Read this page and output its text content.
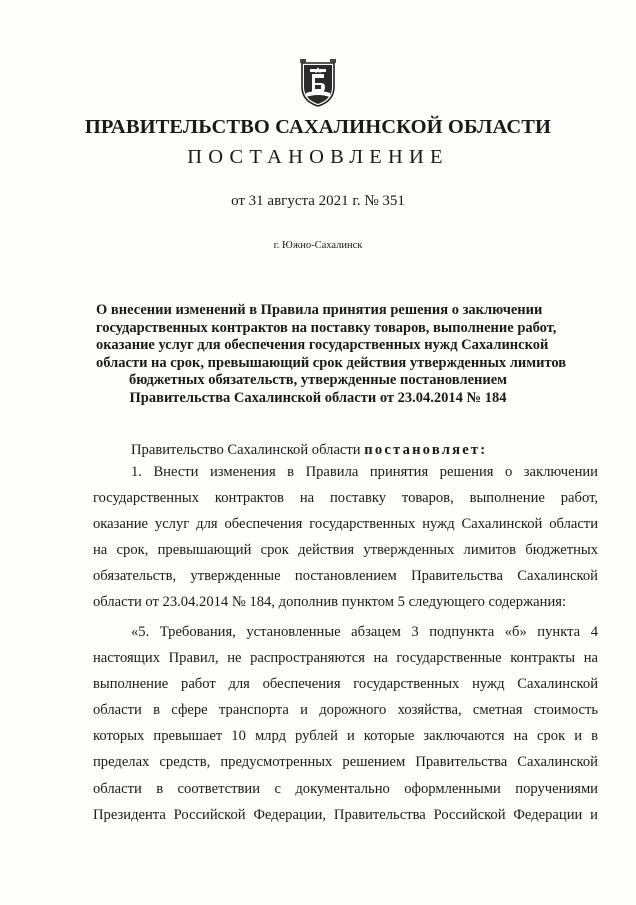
ПРАВИТЕЛЬСТВО САХАЛИНСКОЙ ОБЛАСТИ
ПОСТАНОВЛЕНИЕ
от 31 августа 2021 г. № 351
г. Южно-Сахалинск
О внесении изменений в Правила принятия решения о заключении
государственных контрактов на поставку товаров, выполнение работ,
оказание услуг для обеспечения государственных нужд Сахалинской
области на срок, превышающий срок действия утвержденных лимитов
бюджетных обязательств, утвержденные постановлением
Правительства Сахалинской области от 23.04.2014 № 184
Правительство Сахалинской области постановляет:
1. Внести изменения в Правила принятия решения о заключении
государственных контрактов на поставку товаров, выполнение работ,
оказание услуг для обеспечения государственных нужд Сахалинской области
на срок, превышающий срок действия утвержденных лимитов бюджетных
обязательств, утвержденные постановлением Правительства Сахалинской
области от 23.04.2014 № 184, дополнив пунктом 5 следующего содержания:
«5. Требования, установленные абзацем 3 подпункта «б» пункта 4
настоящих Правил, не распространяются на государственные контракты на
выполнение работ для обеспечения государственных нужд Сахалинской
области в сфере транспорта и дорожного хозяйства, сметная стоимость
которых превышает 10 млрд рублей и которые заключаются на срок и в
пределах средств, предусмотренных решением Правительства Сахалинской
области в соответствии с документально оформленными поручениями
Президента Российской Федерации, Правительства Российской Федерации и
